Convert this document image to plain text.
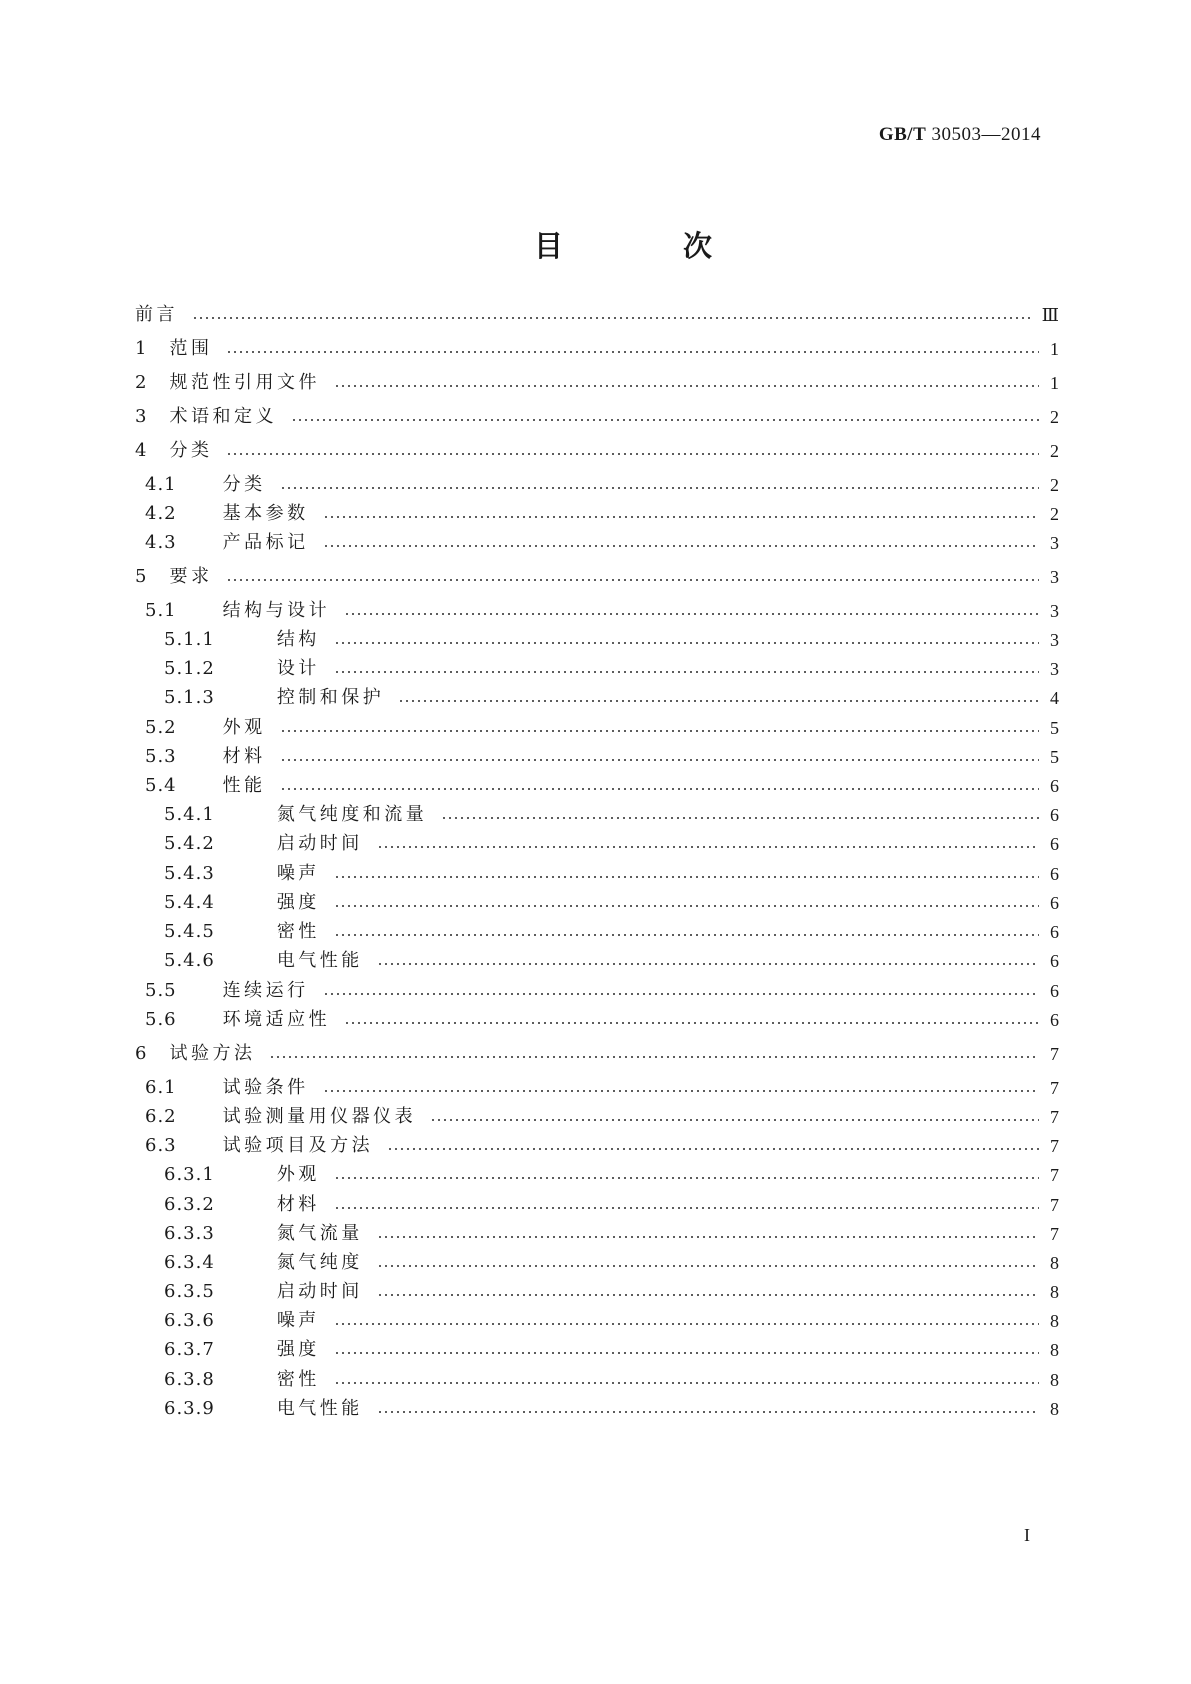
GB/T 30503—2014
目 次
前言	Ⅲ
1 范围	1
2 规范性引用文件	1
3 术语和定义	2
4 分类	2
4.1	分类	2
4.2	基本参数	2
4.3	产品标记	3
5 要求	3
5.1	结构与设计	3
5.1.1	结构	3
5.1.2	设计	3
5.1.3	控制和保护	4
5.2	外观	5
5.3	材料	5
5.4	性能	6
5.4.1	氮气纯度和流量	6
5.4.2	启动时间	6
5.4.3	噪声	6
5.4.4	强度	6
5.4.5	密性	6
5.4.6	电气性能	6
5.5	连续运行	6
5.6	环境适应性	6
6 试验方法	7
6.1	试验条件	7
6.2	试验测量用仪器仪表	7
6.3	试验项目及方法	7
6.3.1	外观	7
6.3.2	材料	7
6.3.3	氮气流量	7
6.3.4	氮气纯度	8
6.3.5	启动时间	8
6.3.6	噪声	8
6.3.7	强度	8
6.3.8	密性	8
6.3.9	电气性能	8
I
